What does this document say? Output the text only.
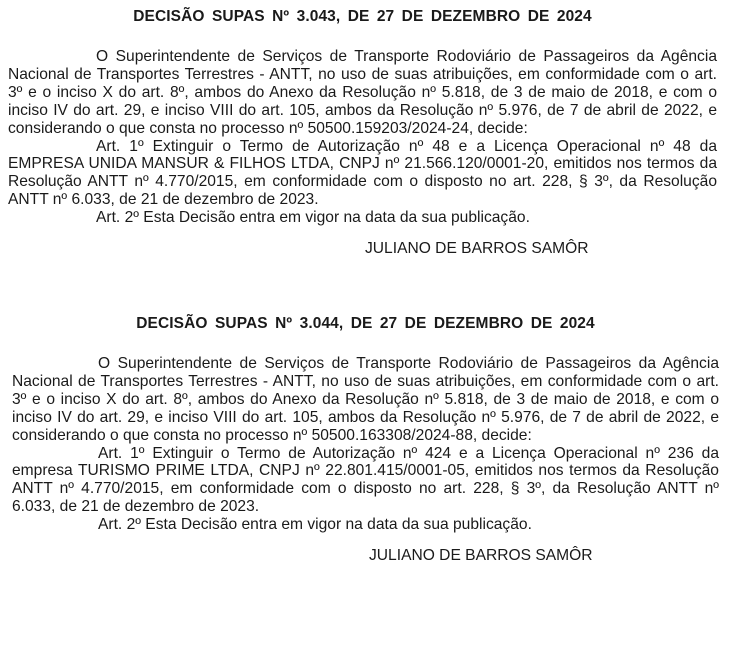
DECISÃO SUPAS Nº 3.043, DE 27 DE DEZEMBRO DE 2024

O Superintendente de Serviços de Transporte Rodoviário de Passageiros da Agência Nacional de Transportes Terrestres - ANTT, no uso de suas atribuições, em conformidade com o art. 3º e o inciso X do art. 8º, ambos do Anexo da Resolução nº 5.818, de 3 de maio de 2018, e com o inciso IV do art. 29, e inciso VIII do art. 105, ambos da Resolução nº 5.976, de 7 de abril de 2022, e considerando o que consta no processo nº 50500.159203/2024-24, decide:

Art. 1º Extinguir o Termo de Autorização nº 48 e a Licença Operacional nº 48 da EMPRESA UNIDA MANSUR & FILHOS LTDA, CNPJ nº 21.566.120/0001-20, emitidos nos termos da Resolução ANTT nº 4.770/2015, em conformidade com o disposto no art. 228, § 3º, da Resolução ANTT nº 6.033, de 21 de dezembro de 2023.

Art. 2º Esta Decisão entra em vigor na data da sua publicação.

JULIANO DE BARROS SAMÔR

DECISÃO SUPAS Nº 3.044, DE 27 DE DEZEMBRO DE 2024

O Superintendente de Serviços de Transporte Rodoviário de Passageiros da Agência Nacional de Transportes Terrestres - ANTT, no uso de suas atribuições, em conformidade com o art. 3º e o inciso X do art. 8º, ambos do Anexo da Resolução nº 5.818, de 3 de maio de 2018, e com o inciso IV do art. 29, e inciso VIII do art. 105, ambos da Resolução nº 5.976, de 7 de abril de 2022, e considerando o que consta no processo nº 50500.163308/2024-88, decide:

Art. 1º Extinguir o Termo de Autorização nº 424 e a Licença Operacional nº 236 da empresa TURISMO PRIME LTDA, CNPJ nº 22.801.415/0001-05, emitidos nos termos da Resolução ANTT nº 4.770/2015, em conformidade com o disposto no art. 228, § 3º, da Resolução ANTT nº 6.033, de 21 de dezembro de 2023.

Art. 2º Esta Decisão entra em vigor na data da sua publicação.

JULIANO DE BARROS SAMÔR
